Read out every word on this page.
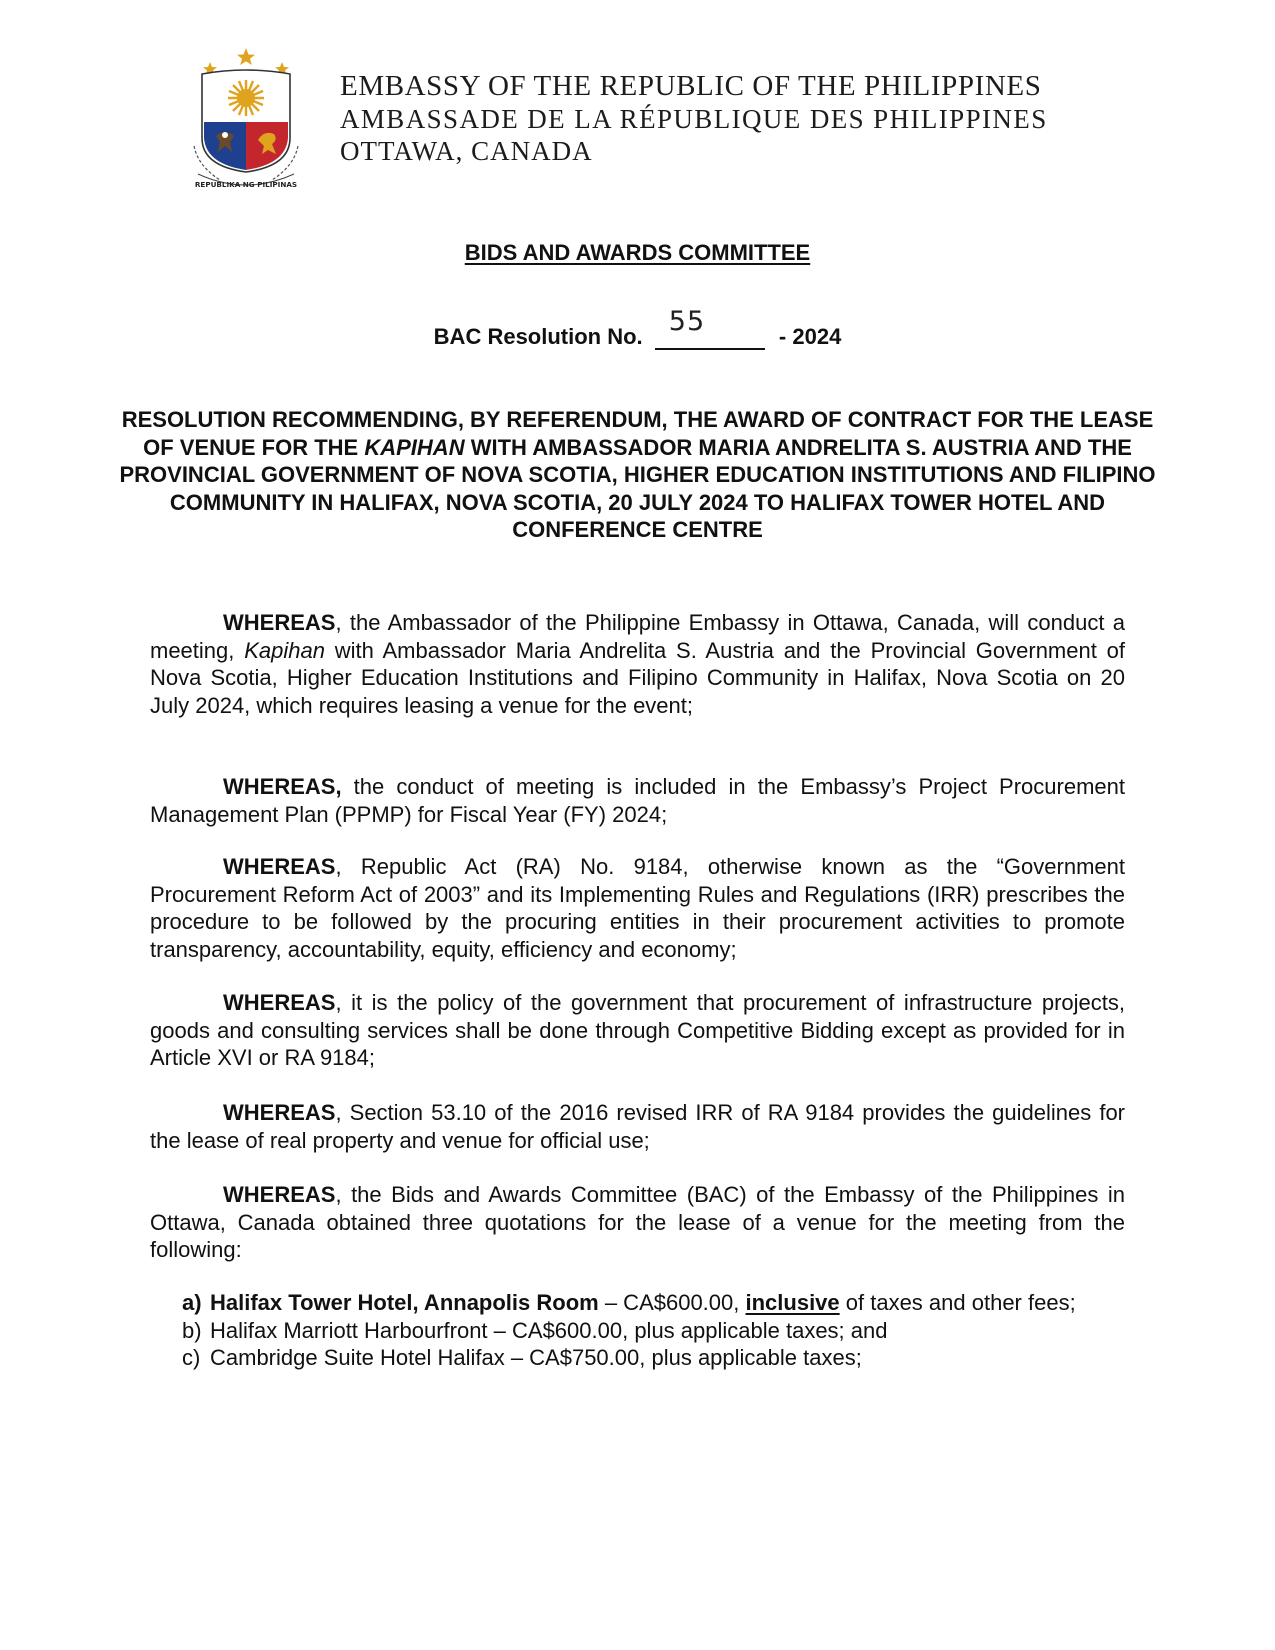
REPUBLIKA NG PILIPINAS
EMBASSY OF THE REPUBLIC OF THE PHILIPPINES
AMBASSADE DE LA RÉPUBLIQUE DES PHILIPPINES
OTTAWA, CANADA
BIDS AND AWARDS COMMITTEE
BAC Resolution No. 55	- 2024
RESOLUTION RECOMMENDING, BY REFERENDUM, THE AWARD OF CONTRACT FOR THE LEASE OF VENUE FOR THE KAPIHAN WITH AMBASSADOR MARIA ANDRELITA S. AUSTRIA AND THE PROVINCIAL GOVERNMENT OF NOVA SCOTIA, HIGHER EDUCATION INSTITUTIONS AND FILIPINO COMMUNITY IN HALIFAX, NOVA SCOTIA, 20 JULY 2024 TO HALIFAX TOWER HOTEL AND CONFERENCE CENTRE
WHEREAS, the Ambassador of the Philippine Embassy in Ottawa, Canada, will conduct a meeting, Kapihan with Ambassador Maria Andrelita S. Austria and the Provincial Government of Nova Scotia, Higher Education Institutions and Filipino Community in Halifax, Nova Scotia on 20 July 2024, which requires leasing a venue for the event;
WHEREAS, the conduct of meeting is included in the Embassy’s Project Procurement Management Plan (PPMP) for Fiscal Year (FY) 2024;
WHEREAS, Republic Act (RA) No. 9184, otherwise known as the “Government Procurement Reform Act of 2003” and its Implementing Rules and Regulations (IRR) prescribes the procedure to be followed by the procuring entities in their procurement activities to promote transparency, accountability, equity, efficiency and economy;
WHEREAS, it is the policy of the government that procurement of infrastructure projects, goods and consulting services shall be done through Competitive Bidding except as provided for in Article XVI or RA 9184;
WHEREAS, Section 53.10 of the 2016 revised IRR of RA 9184 provides the guidelines for the lease of real property and venue for official use;
WHEREAS, the Bids and Awards Committee (BAC) of the Embassy of the Philippines in Ottawa, Canada obtained three quotations for the lease of a venue for the meeting from the following:
a) Halifax Tower Hotel, Annapolis Room – CA$600.00, inclusive of taxes and other fees;
b) Halifax Marriott Harbourfront – CA$600.00, plus applicable taxes; and
c) Cambridge Suite Hotel Halifax – CA$750.00, plus applicable taxes;
